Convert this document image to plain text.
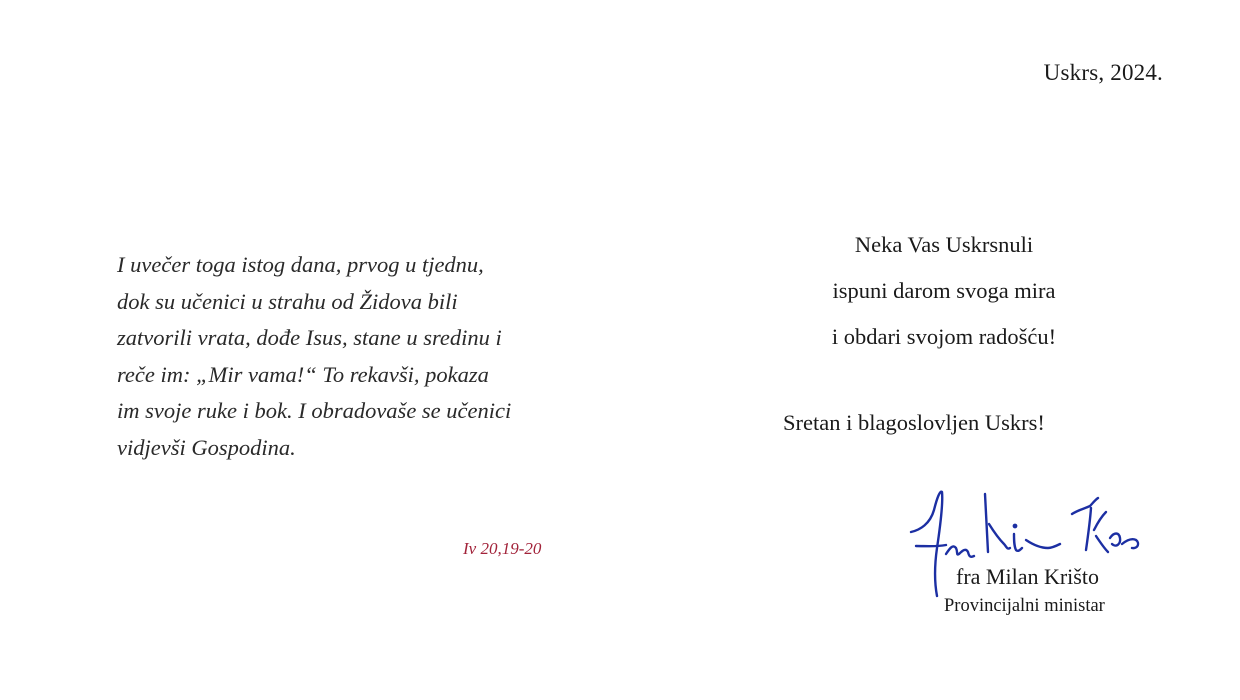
Uskrs, 2024.
I uvečer toga istog dana, prvog u tjednu,
dok su učenici u strahu od Židova bili
zatvorili vrata, dođe Isus, stane u sredinu i
reče im: „Mir vama!“ To rekavši, pokaza
im svoje ruke i bok. I obradovaše se učenici
vidjevši Gospodina.
Iv 20,19-20
Neka Vas Uskrsnuli
ispuni darom svoga mira
i obdari svojom radošću!
Sretan i blagoslovljen Uskrs!
fra Milan Krišto
Provincijalni ministar
